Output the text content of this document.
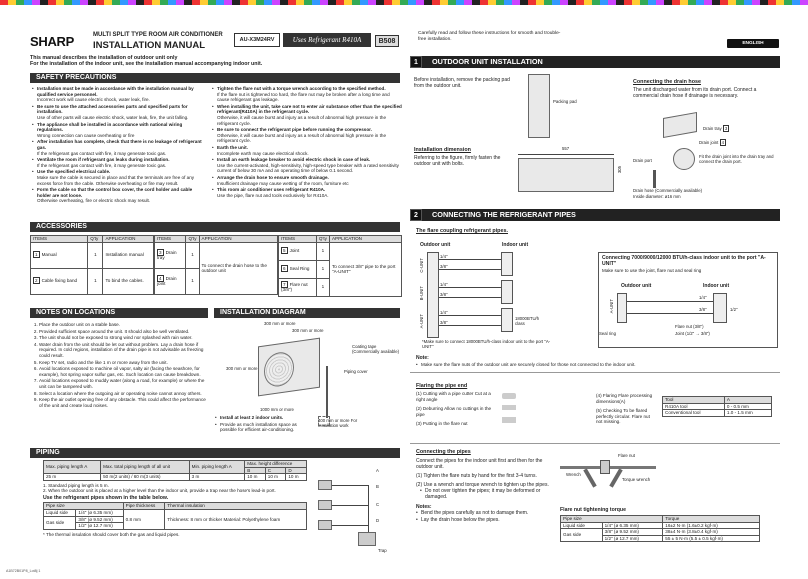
SHARP	MULTI SPLIT TYPE ROOM AIR CONDITIONER
INSTALLATION MANUAL
AU-X3M24RV	Uses Refrigerant R410A	B508
Carefully read and follow these instructions for smooth and trouble-free installation.
ENGLISH
This manual describes the installation of outdoor unit only
For the installation of the indoor unit, see the installation manual accompanying indoor unit.
SAFETY PRECAUTIONS
• Installation must be made in accordance with the installation manual by qualified service personnel.
Incorrect work will cause electric shock, water leak, fire.
• Be sure to use the attached accessories parts and specified parts for installation.
Use of other parts will cause electric shock, water leak, fire, the unit falling.
• The appliance shall be installed in accordance with national wiring regulations.
Wrong connection can cause overheating or fire
• After installation has complete, check that there is no leakage of refrigerant gas.
If the refrigerant gas contact with fire, it may generate toxic gas.
• Ventilate the room if refrigerant gas leaks during installation.
If the refrigerant gas contact with fire, it may generate toxic gas.
• Use the specified electrical cable.
Make sure the cable is secured in place and that the terminals are free of any excess force from the cable. Otherwise overheating or fire may result.
• Form the cable so that the control box cover, the cord holder and cable holder are not loose.
Otherwise overheating, fire or electric shock may result.
• Tighten the flare nut with a torque wrench according to the specified method.
If the flare nut is tightened too hard, the flare nut may be broken after a long time and cause refrigerant gas leakage.
• When installing the unit, take care not to enter air substance other than the specified refrigerant(R410A) in the refrigerant cycle.
Otherwise, it will cause burst and injury as a result of abnormal high pressure in the refrigerant cycle.
• Be sure to connect the refrigerant pipe before running the compressor.
Otherwise, it will cause burst and injury as a result of abnormal high pressure in the refrigerant cycle.
• Earth the unit.
Incomplete earth may cause electrical shock.
• Install an earth leakage breaker to avoid electric shock in case of leak.
Use the current-activated, high-sensitivity, high-speed type breaker with a rated sensitivity current of below 30 mA and an operating time of below 0.1 second.
• Arrange the drain hose to ensure smooth drainage.
Insufficient drainage may cause wetting of the room, furniture etc
• This room air conditioner uses refrigerant R410A.
Use the pipe, flare nut and tools exclusively for R410A.
ACCESSORIES
ITEMS	Q'ty	APPLICATION
1 Manual	1	Installation manual
2 Cable fixing band	1	To bind the cables.
ITEMS	Q'ty	APPLICATION
3 Drain tray	1	To connect the drain hose to the outdoor unit
4 Drain joint	1	
ITEMS	Q'ty	APPLICATION
5 Joint	1	To connect 3/8" pipe to the port "A-UNIT"
6 Seal Ring	1	
7 Flare nut (3/8")	1	
NOTES ON LOCATIONS
1. Place the outdoor unit on a stable base.
2. Provided sufficient space around the unit. It should also be well ventilated.
3. The unit should not be exposed to strong wind nor splashed with rain water.
4. Water drain from the unit should be let out without problem. Lay a drain hose if required. In cold regions, installation of the drain pipe is not advisable as freezing could result.
5. Keep TV set, radio and the like 1 m or more away from the unit.
6. Avoid locations exposed to machine oil vapor, salty air (facing the seashore, for example), hot spring vapor sulfur gas, etc. Such location can cause breakdown.
7. Avoid locations exposed to muddy water (along a road, for example) or where the unit can be tampered with.
8. Select a location where the outgoing air or operating noise cannot annoy others.
9. Keep the air outlet opening free of any obstacle. This could affect the performance of the unit and create loud noises.
INSTALLATION DIAGRAM
300 mm or more
300 mm or more
300 mm or more
1000 mm or more
400 mm or more For installation work
Coating tape (Commercially available)
Piping cover
• Install at least 2 indoor units.
• Provide as much installation space as possible for efficient air-conditioning.
PIPING
Max. piping length A	Max. total piping length of all unit	Min. piping length A	Max. height difference		
			B	C	D
25 m	50 m(2 units) / 60 m(3 units)	3 m	10 m	10 m	10 m
1. Standard piping length is 5 m.
2. When the outdoor unit is placed at a higher level than the indoor unit, provide a trap near the hose's lead-in port.
Use the refrigerant pipes shown in the table below.
Pipe size		Pipe thickness	Thermal insulation
Liquid side	1/4" (ø 6.35 mm)	0.8 mm	Thickness: 8 mm or thicker Material: Polyethylene foam
Gas side	3/8" (ø 9.52 mm)		
	1/2" (ø 12.7 mm)		
* The thermal insulation should cover both the gas and liquid pipes.
A
B
C
D
Trap
OUTDOOR UNIT INSTALLATION
1
Before installation, remove the packing pad from the outdoor unit.
Packing pad
Installation dimension
Referring to the figure, firmly fasten the outdoor unit with bolts.
557
305
Connecting the drain hose
The unit discharged water from its drain port. Connect a commercial drain hose if drainage is necessary.
Drain tray 3
Drain joint 4
Drain port
Fit the drain joint into the drain tray and connect the drain port.
Drain hose (Commercially available)
Inside diameter: ø16 mm
CONNECTING THE REFRIGERANT PIPES
2
The flare coupling refrigerant pipes.
Outdoor unit	Indoor unit
C-UNIT
B-UNIT
A-UNIT
1/4"
3/8"
1/4"
3/8"
1/4"
3/8"
18000BTU/h class
*Make sure to connect 18000BTU/h-class indoor unit to the port "A-UNIT"
Connecting 7000/9000/12000 BTU/h-class indoor unit to the port "A-UNIT"
Make sure to use the joint, flare nut and seal ring
Outdoor unit	Indoor unit
A-UNIT
1/4"
3/8"	1/2"
Flare nut (3/8")
Joint (1/2" → 3/8")
Seal ring
Note:
• Make sure the flare nuts of the outdoor unit are securely closed for those not connected to the indoor unit.
Flaring the pipe end
(1) Cutting with a pipe cutter Cut at a right angle
(2) Deburring Allow no cuttings in the pipe
(3) Putting in the flare nut
(4) Flaring Flare processing dimensions(A)
(5) Checking To be flared perfectly circular. Flare nut not missing.
Tool	A
R410A tool	0 - 0.5 mm
Conventional tool	1.0 - 1.5 mm
Connecting the pipes
Connect the pipes for the indoor unit first and then for the outdoor unit.
(1) Tighten the flare nuts by hand for the first 3-4 turns.
(2) Use a wrench and torque wrench to tighten up the pipes.
• Do not over tighten the pipes; it may be deformed or damaged.
Notes:
• Bend the pipes carefully as not to damage them.
• Lay the drain hose below the pipes.
Flare nut
Wrench
Torque wrench
Flare nut tightening torque
Pipe size		Torque
Liquid side	1/4" (ø 6.35 mm)	16±2 N·m (1.6±0.2 kgf·m)
Gas side	3/8" (ø 9.52 mm)	38±4 N·m (3.8±0.4 kgf·m)
	1/2" (ø 12.7 mm)	55 ± 5 N·m (5.5 ± 0.5 kgf·m)
A1B72B01P8_Lot8j 1
